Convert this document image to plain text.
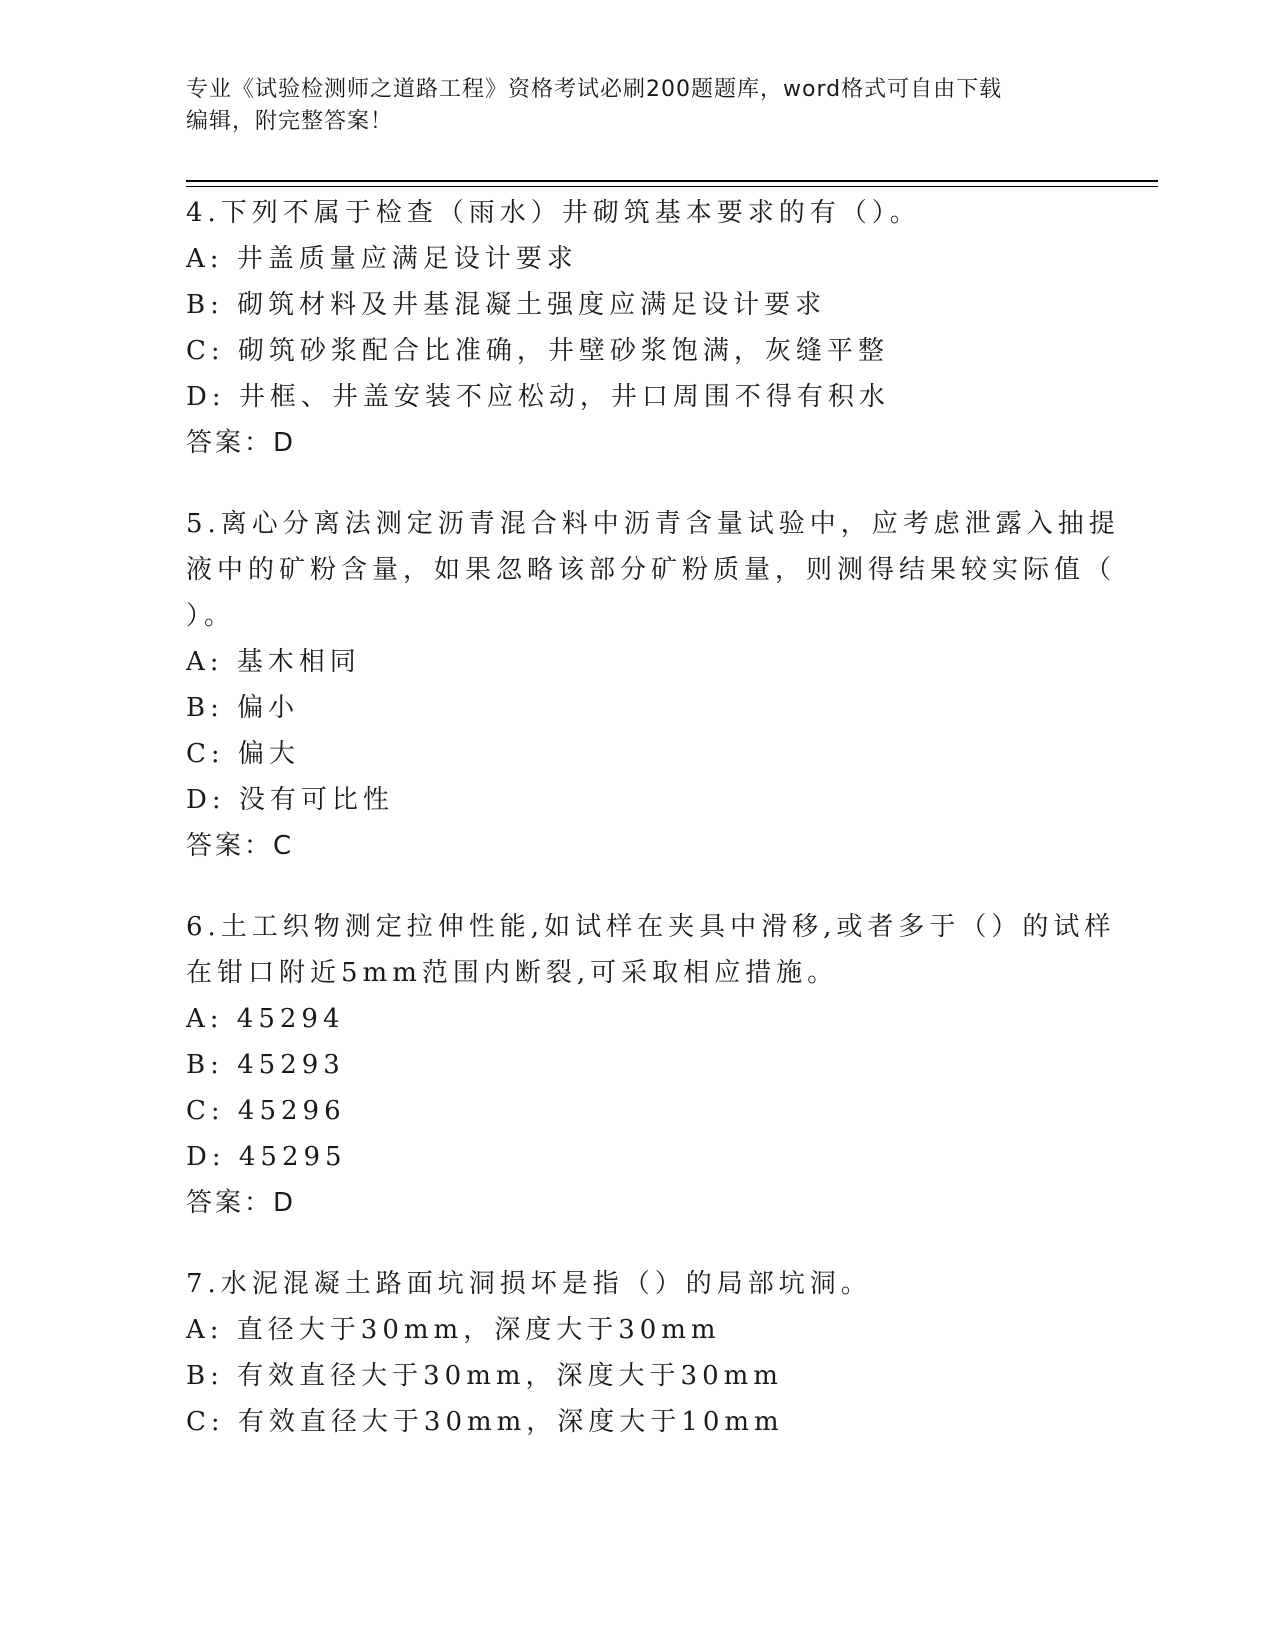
专业《试验检测师之道路工程》资格考试必刷200题题库，word格式可自由下载
编辑，附完整答案！
4.下列不属于检查（雨水）井砌筑基本要求的有（）。
A: 井盖质量应满足设计要求
B: 砌筑材料及井基混凝土强度应满足设计要求
C: 砌筑砂浆配合比准确，井壁砂浆饱满，灰缝平整
D: 井框、井盖安装不应松动，井口周围不得有积水
答案：D
5.离心分离法测定沥青混合料中沥青含量试验中，应考虑泄露入抽提
液中的矿粉含量，如果忽略该部分矿粉质量，则测得结果较实际值（
）。
A: 基木相同
B: 偏小
C: 偏大
D: 没有可比性
答案：C
6.土工织物测定拉伸性能,如试样在夹具中滑移,或者多于（）的试样
在钳口附近5mm范围内断裂,可采取相应措施。
A: 45294
B: 45293
C: 45296
D: 45295
答案：D
7.水泥混凝土路面坑洞损坏是指（）的局部坑洞。
A: 直径大于30mm，深度大于30mm
B: 有效直径大于30mm，深度大于30mm
C: 有效直径大于30mm，深度大于10mm
